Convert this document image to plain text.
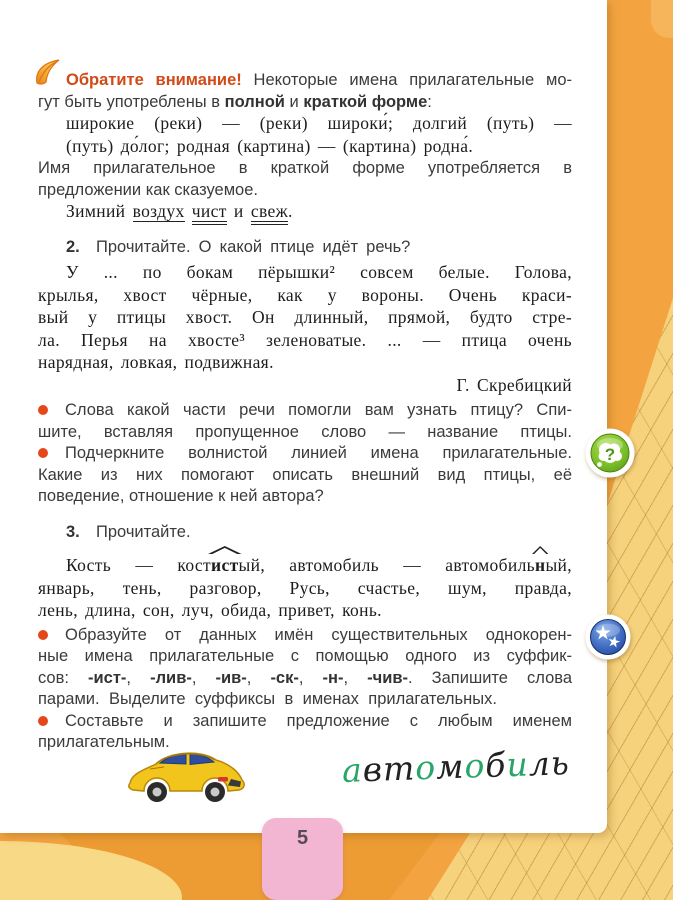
Обратите внимание! Некоторые имена прилагательные мо-
гут быть употреблены в полной и краткой форме:
широкие (реки) — (реки) широки́; долгий (путь) —
(путь) до́лог; родная (картина) — (картина) родна́.
Имя прилагательное в краткой форме употребляется в
предложении как сказуемое.
Зимний воздух чист и свеж.
2.  Прочитайте. О какой птице идёт речь?
У ... по бокам пёрышки² совсем белые. Голова,
крылья, хвост чёрные, как у вороны. Очень краси-
вый у птицы хвост. Он длинный, прямой, будто стре-
ла. Перья на хвосте³ зеленоватые. ... — птица очень
нарядная, ловкая, подвижная.
Г. Скребицкий
Слова какой части речи помогли вам узнать птицу? Спи-
шите, вставляя пропущенное слово — название птицы.
Подчеркните волнистой линией имена прилагательные.
Какие из них помогают описать внешний вид птицы, её
поведение, отношение к ней автора?
3.  Прочитайте.
Кость — костистый, автомобиль — автомобильный,
январь, тень, разговор, Русь, счастье, шум, правда,
лень, длина, сон, луч, обида, привет, конь.
Образуйте от данных имён существительных однокорен-
ные имена прилагательные с помощью одного из суффик-
сов: -ист-, -лив-, -ив-, -ск-, -н-, -чив-. Запишите слова
парами. Выделите суффиксы в именах прилагательных.
Составьте и запишите предложение с любым именем
прилагательным.
автомобиль
5
?
